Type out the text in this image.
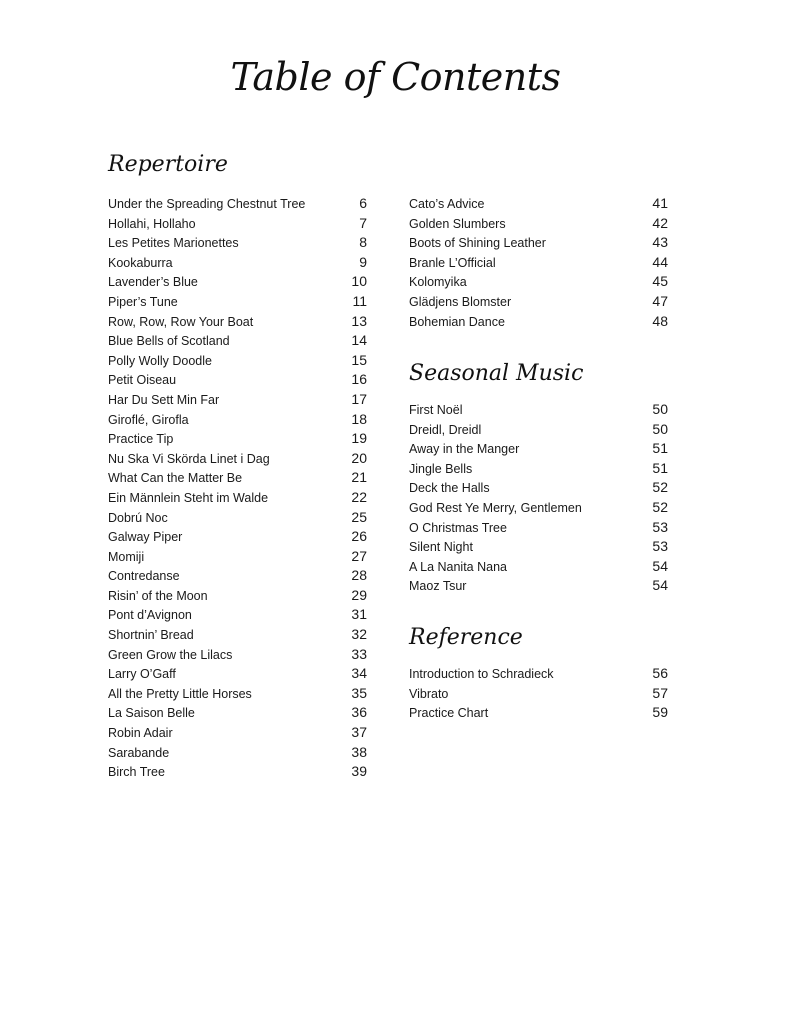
Table of Contents
Repertoire
Under the Spreading Chestnut Tree	6
Hollahi, Hollaho	7
Les Petites Marionettes	8
Kookaburra	9
Lavender’s Blue	10
Piper’s Tune	11
Row, Row, Row Your Boat	13
Blue Bells of Scotland	14
Polly Wolly Doodle	15
Petit Oiseau	16
Har Du Sett Min Far	17
Giroflé, Girofla	18
Practice Tip	19
Nu Ska Vi Skörda Linet i Dag	20
What Can the Matter Be	21
Ein Männlein Steht im Walde	22
Dobrú Noc	25
Galway Piper	26
Momiji	27
Contredanse	28
Risin’ of the Moon	29
Pont d’Avignon	31
Shortnin’ Bread	32
Green Grow the Lilacs	33
Larry O’Gaff	34
All the Pretty Little Horses	35
La Saison Belle	36
Robin Adair	37
Sarabande	38
Birch Tree	39
Cato’s Advice	41
Golden Slumbers	42
Boots of Shining Leather	43
Branle L’Official	44
Kolomyika	45
Glädjens Blomster	47
Bohemian Dance	48
Seasonal Music
First Noël	50
Dreidl, Dreidl	50
Away in the Manger	51
Jingle Bells	51
Deck the Halls	52
God Rest Ye Merry, Gentlemen	52
O Christmas Tree	53
Silent Night	53
A La Nanita Nana	54
Maoz Tsur	54
Reference
Introduction to Schradieck	56
Vibrato	57
Practice Chart	59
